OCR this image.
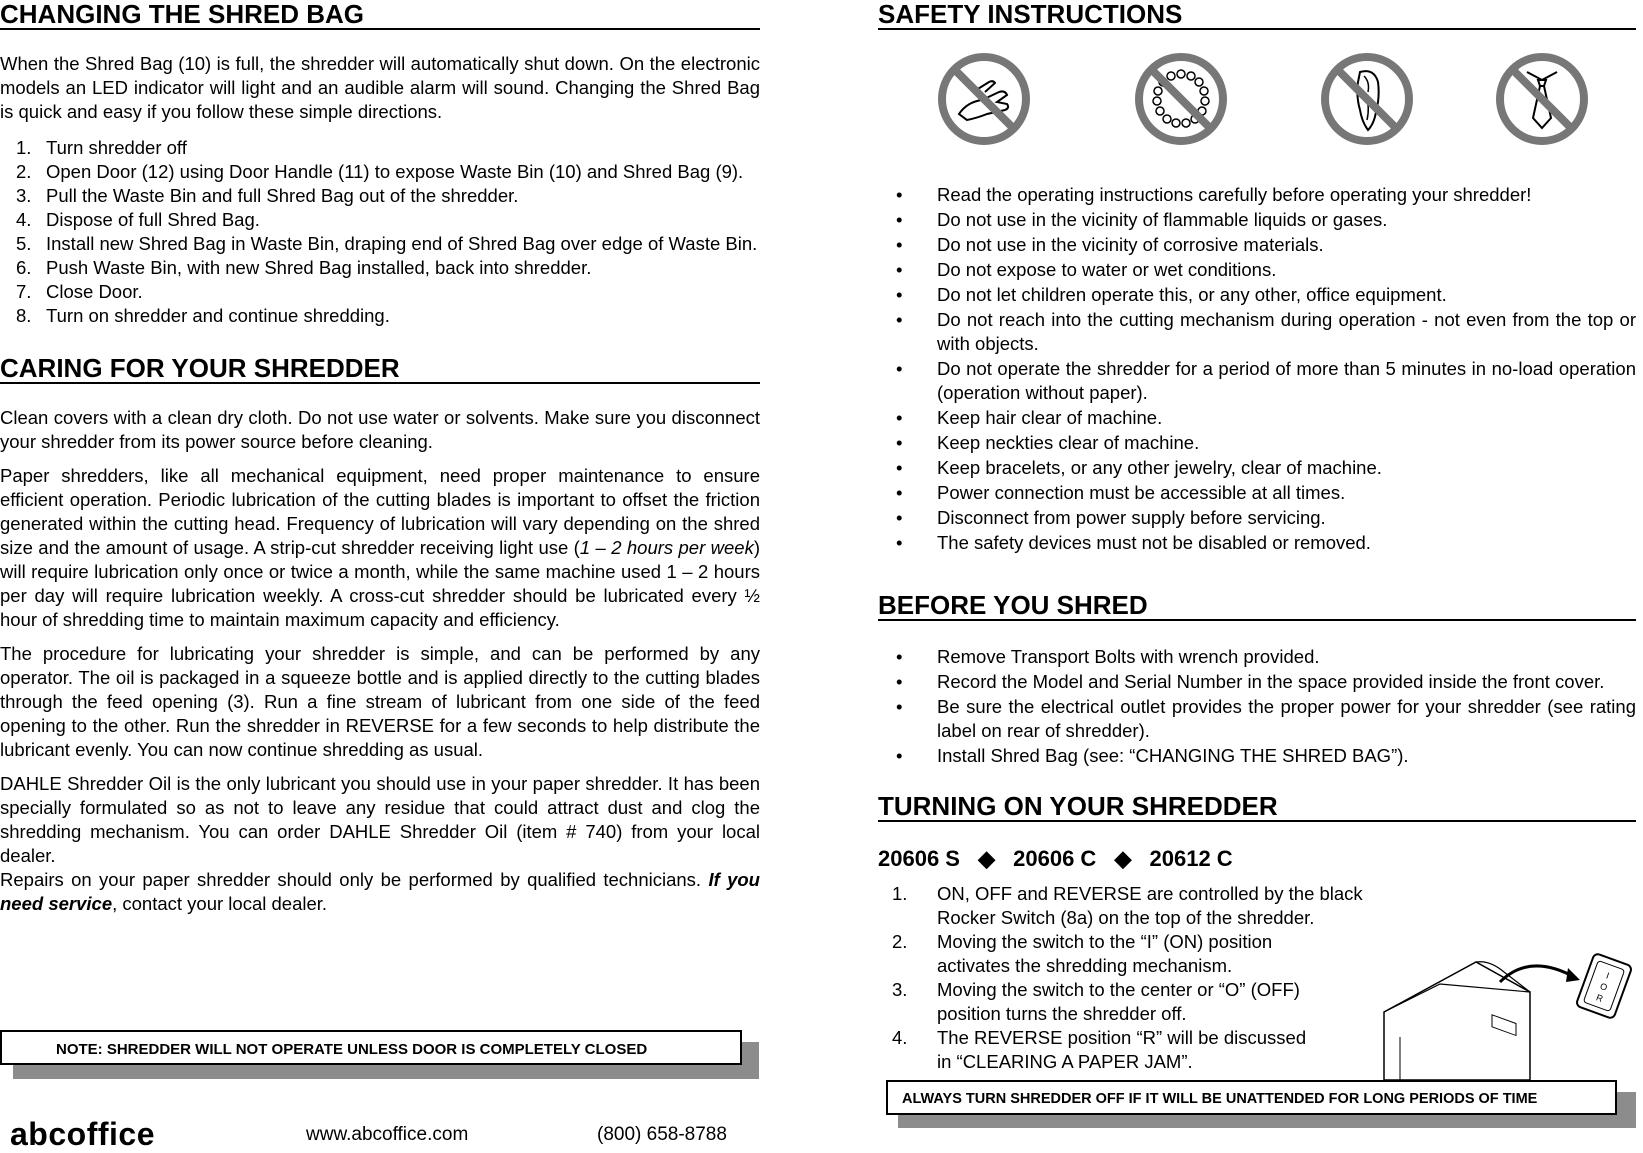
CHANGING THE SHRED BAG

When the Shred Bag (10) is full, the shredder will automatically shut down. On the electronic models an LED indicator will light and an audible alarm will sound. Changing the Shred Bag is quick and easy if you follow these simple directions.

1. Turn shredder off
2. Open Door (12) using Door Handle (11) to expose Waste Bin (10) and Shred Bag (9).
3. Pull the Waste Bin and full Shred Bag out of the shredder.
4. Dispose of full Shred Bag.
5. Install new Shred Bag in Waste Bin, draping end of Shred Bag over edge of Waste Bin.
6. Push Waste Bin, with new Shred Bag installed, back into shredder.
7. Close Door.
8. Turn on shredder and continue shredding.
CARING FOR YOUR SHREDDER

Clean covers with a clean dry cloth. Do not use water or solvents. Make sure you disconnect your shredder from its power source before cleaning.

Paper shredders, like all mechanical equipment, need proper maintenance to ensure efficient operation. Periodic lubrication of the cutting blades is important to offset the friction generated within the cutting head. Frequency of lubrication will vary depending on the shred size and the amount of usage. A strip-cut shredder receiving light use (1 – 2 hours per week) will require lubrication only once or twice a month, while the same machine used 1 – 2 hours per day will require lubrication weekly. A cross-cut shredder should be lubricated every ½ hour of shredding time to maintain maximum capacity and efficiency.

The procedure for lubricating your shredder is simple, and can be performed by any operator. The oil is packaged in a squeeze bottle and is applied directly to the cutting blades through the feed opening (3). Run a fine stream of lubricant from one side of the feed opening to the other. Run the shredder in REVERSE for a few seconds to help distribute the lubricant evenly. You can now continue shredding as usual.

DAHLE Shredder Oil is the only lubricant you should use in your paper shredder. It has been specially formulated so as not to leave any residue that could attract dust and clog the shredding mechanism. You can order DAHLE Shredder Oil (item # 740) from your local dealer.

Repairs on your paper shredder should only be performed by qualified technicians. If you need service, contact your local dealer.

NOTE: SHREDDER WILL NOT OPERATE UNLESS DOOR IS COMPLETELY CLOSED
abcoffice	www.abcoffice.com	(800) 658-8788
SAFETY INSTRUCTIONS
• Read the operating instructions carefully before operating your shredder!
• Do not use in the vicinity of flammable liquids or gases.
• Do not use in the vicinity of corrosive materials.
• Do not expose to water or wet conditions.
• Do not let children operate this, or any other, office equipment.
• Do not reach into the cutting mechanism during operation - not even from the top or with objects.
• Do not operate the shredder for a period of more than 5 minutes in no-load operation (operation without paper).
• Keep hair clear of machine.
• Keep neckties clear of machine.
• Keep bracelets, or any other jewelry, clear of machine.
• Power connection must be accessible at all times.
• Disconnect from power supply before servicing.
• The safety devices must not be disabled or removed.
BEFORE YOU SHRED
• Remove Transport Bolts with wrench provided.
• Record the Model and Serial Number in the space provided inside the front cover.
• Be sure the electrical outlet provides the proper power for your shredder (see rating label on rear of shredder).
• Install Shred Bag (see: “CHANGING THE SHRED BAG”).
TURNING ON YOUR SHREDDER
20606 S ◆ 20606 C ◆ 20612 C
1. ON, OFF and REVERSE are controlled by the black Rocker Switch (8a) on the top of the shredder.
2. Moving the switch to the “I” (ON) position activates the shredding mechanism.
3. Moving the switch to the center or “O” (OFF) position turns the shredder off.
4. The REVERSE position “R” will be discussed in “CLEARING A PAPER JAM”.
I
O
R
ALWAYS TURN SHREDDER OFF IF IT WILL BE UNATTENDED FOR LONG PERIODS OF TIME
